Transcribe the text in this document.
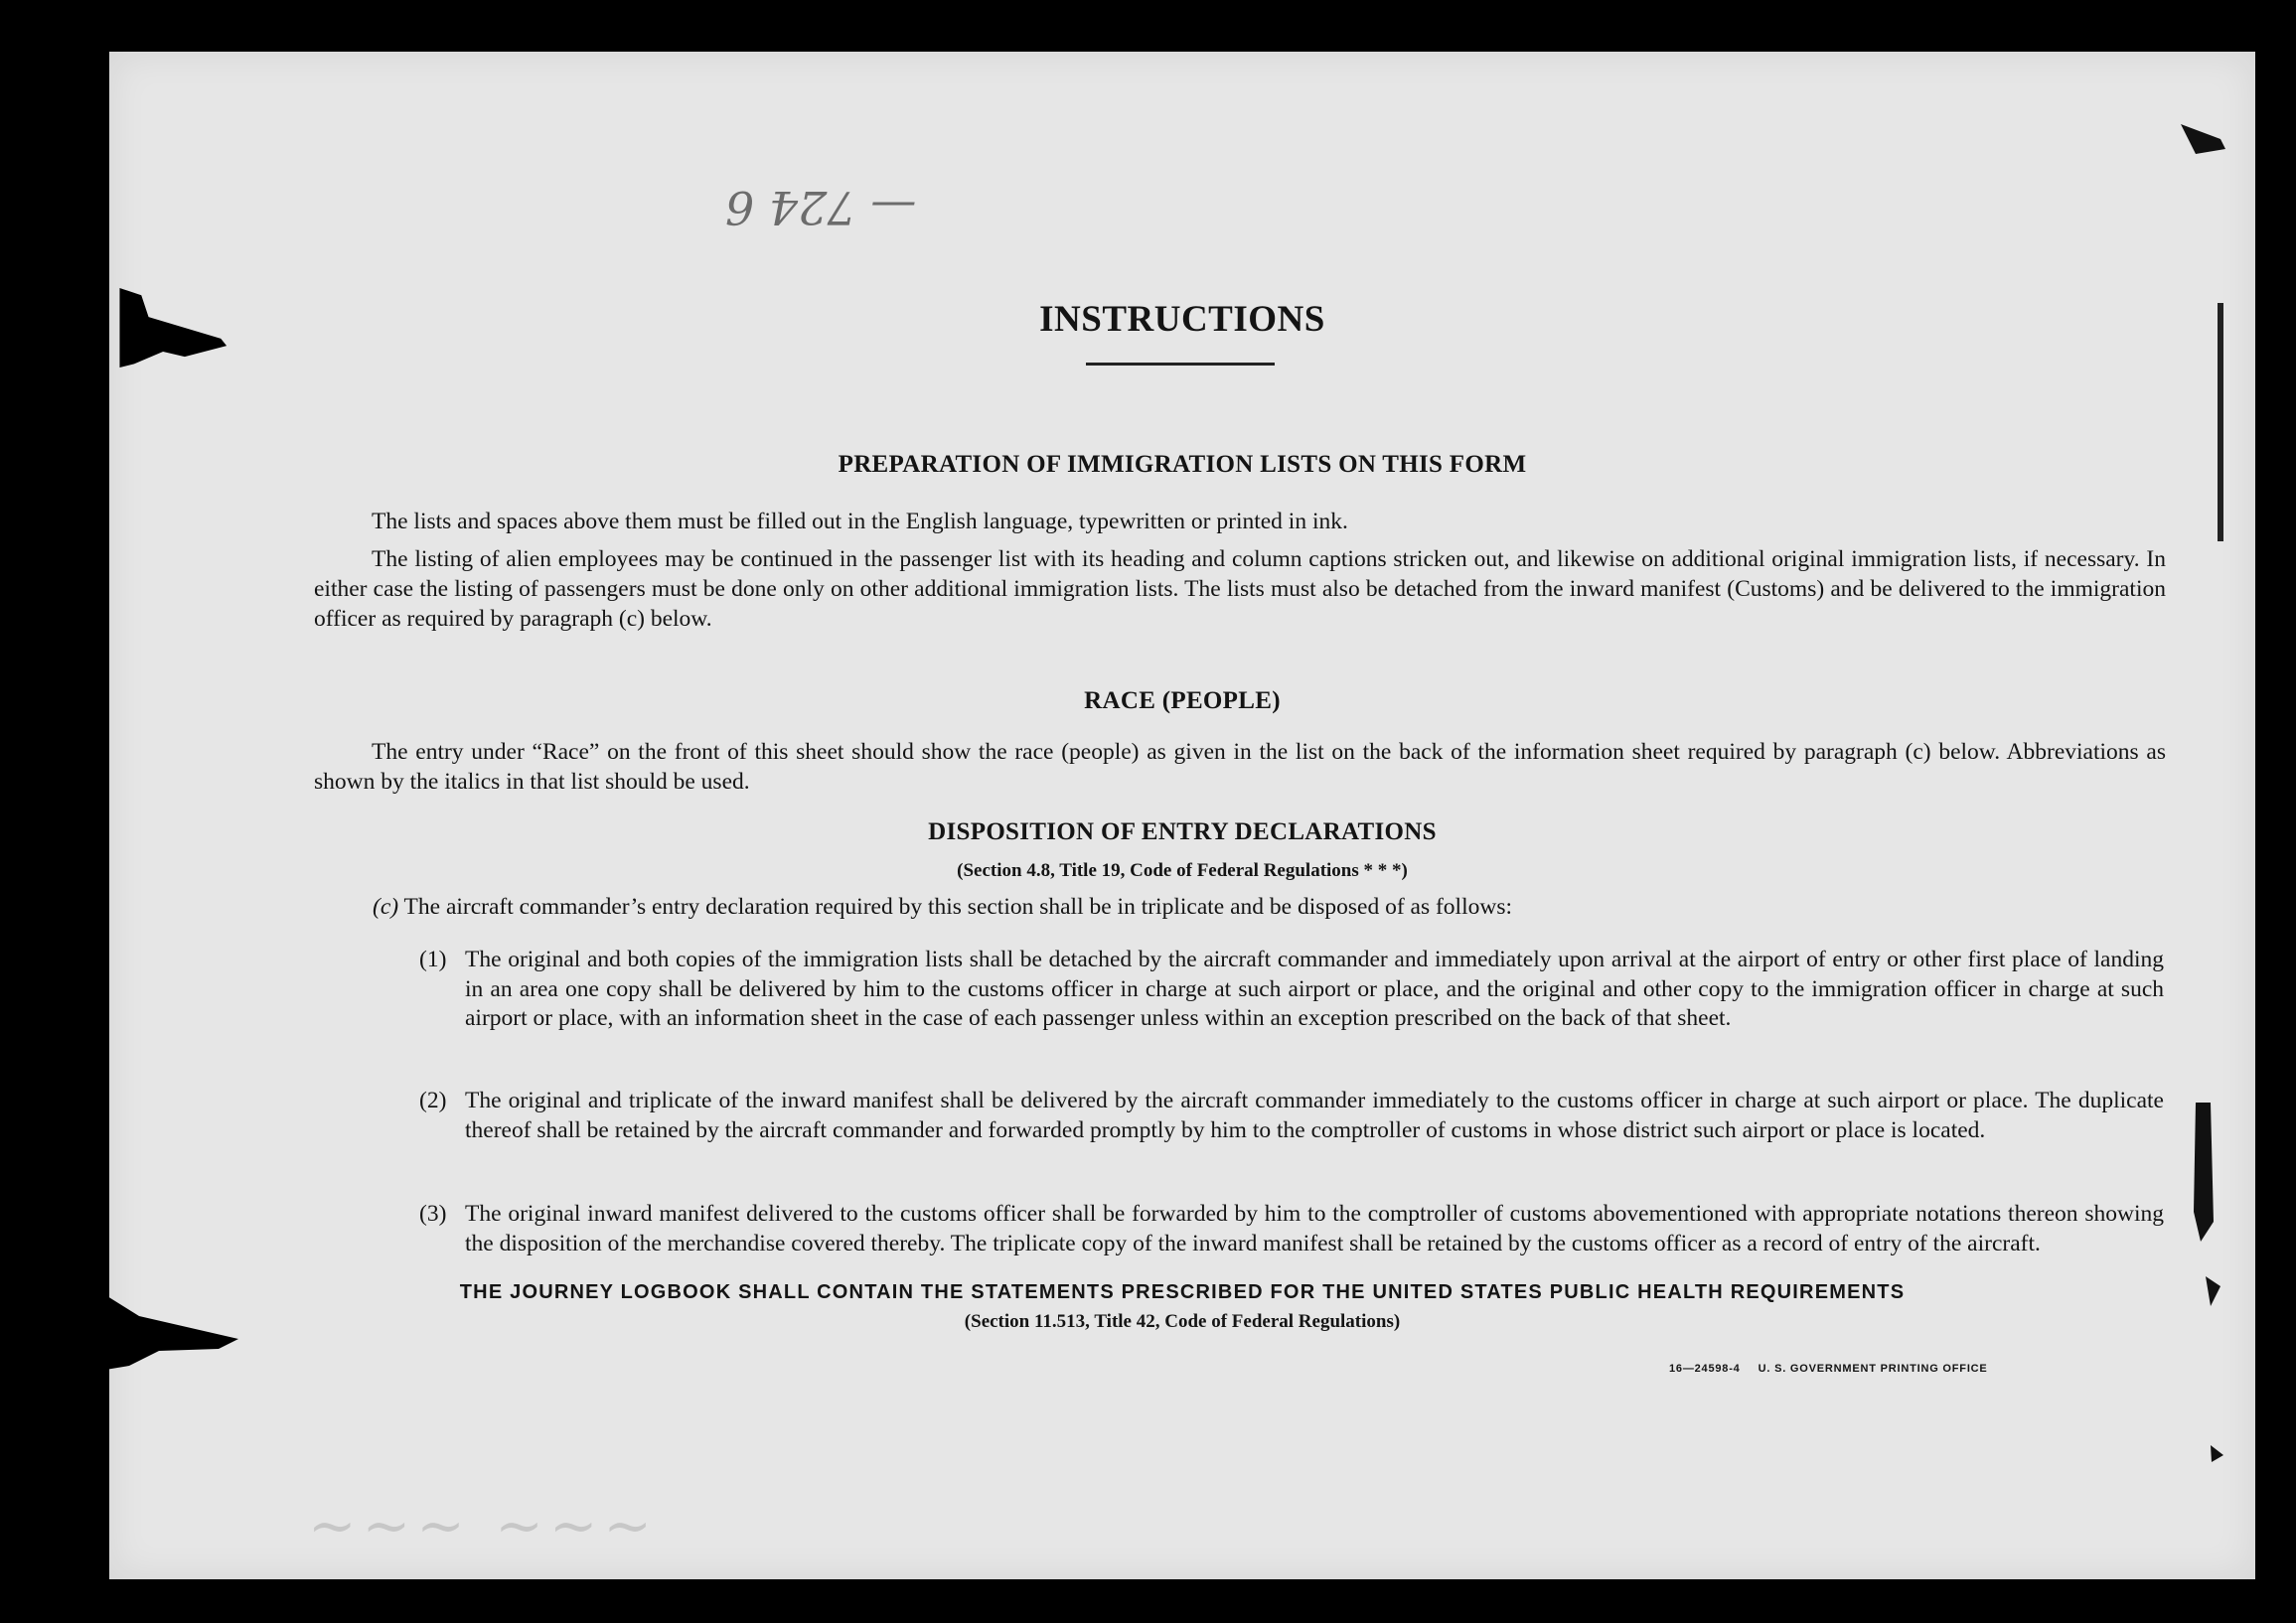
— 724 6
INSTRUCTIONS
PREPARATION OF IMMIGRATION LISTS ON THIS FORM
The lists and spaces above them must be filled out in the English language, typewritten or printed in ink.
The listing of alien employees may be continued in the passenger list with its heading and column captions stricken out, and likewise on additional original immigration lists, if necessary. In either case the listing of passengers must be done only on other additional immigration lists. The lists must also be detached from the inward manifest (Customs) and be delivered to the immigration officer as required by paragraph (c) below.
RACE (PEOPLE)
The entry under “Race” on the front of this sheet should show the race (people) as given in the list on the back of the information sheet required by paragraph (c) below. Abbreviations as shown by the italics in that list should be used.
DISPOSITION OF ENTRY DECLARATIONS
(Section 4.8, Title 19, Code of Federal Regulations * * *)
(c) The aircraft commander’s entry declaration required by this section shall be in triplicate and be disposed of as follows:
(1) The original and both copies of the immigration lists shall be detached by the aircraft commander and immediately upon arrival at the airport of entry or other first place of landing in an area one copy shall be delivered by him to the customs officer in charge at such airport or place, and the original and other copy to the immigration officer in charge at such airport or place, with an information sheet in the case of each passenger unless within an exception prescribed on the back of that sheet.
(2) The original and triplicate of the inward manifest shall be delivered by the aircraft commander immediately to the customs officer in charge at such airport or place. The duplicate thereof shall be retained by the aircraft commander and forwarded promptly by him to the comptroller of customs in whose district such airport or place is located.
(3) The original inward manifest delivered to the customs officer shall be forwarded by him to the comptroller of customs abovementioned with appropriate notations thereon showing the disposition of the merchandise covered thereby. The triplicate copy of the inward manifest shall be retained by the customs officer as a record of entry of the aircraft.
THE JOURNEY LOGBOOK SHALL CONTAIN THE STATEMENTS PRESCRIBED FOR THE UNITED STATES PUBLIC HEALTH REQUIREMENTS
(Section 11.513, Title 42, Code of Federal Regulations)
16—24598-4 U. S. GOVERNMENT PRINTING OFFICE
~~~ ~~~
